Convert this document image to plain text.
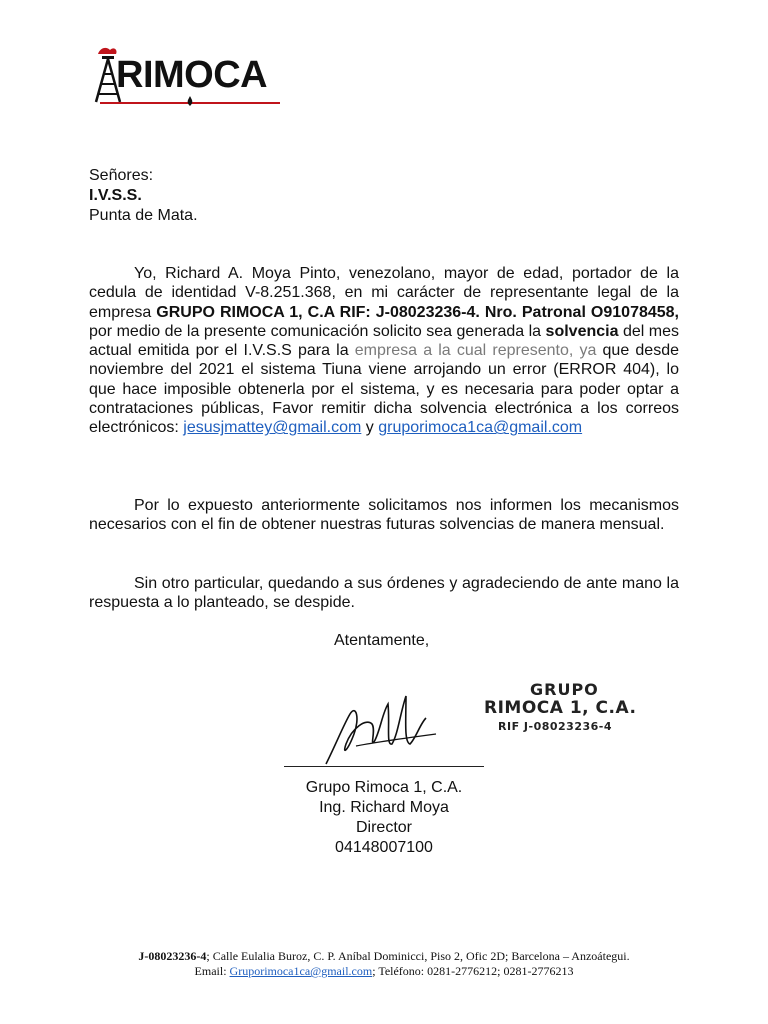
RIMOCA
Señores:
I.V.S.S.
Punta de Mata.

Yo, Richard A. Moya Pinto, venezolano, mayor de edad, portador de la cedula de identidad V-8.251.368, en mi carácter de representante legal de la empresa GRUPO RIMOCA 1, C.A RIF: J-08023236-4. Nro. Patronal O91078458, por medio de la presente comunicación solicito sea generada la solvencia del mes actual emitida por el I.V.S.S para la empresa a la cual represento, ya que desde noviembre del 2021 el sistema Tiuna viene arrojando un error (ERROR 404), lo que hace imposible obtenerla por el sistema, y es necesaria para poder optar a contrataciones públicas, Favor remitir dicha solvencia electrónica a los correos electrónicos: jesusjmattey@gmail.com y gruporimoca1ca@gmail.com

Por lo expuesto anteriormente solicitamos nos informen los mecanismos necesarios con el fin de obtener nuestras futuras solvencias de manera mensual.

Sin otro particular, quedando a sus órdenes y agradeciendo de ante mano la respuesta a lo planteado, se despide.

Atentamente,
Grupo Rimoca 1, C.A.
Ing. Richard Moya
Director
04148007100
GRUPO
RIMOCA 1, C.A.
RIF J-08023236-4
J-08023236-4; Calle Eulalia Buroz, C. P. Aníbal Dominicci, Piso 2, Ofic 2D; Barcelona – Anzoátegui.
Email: Gruporimoca1ca@gmail.com; Teléfono: 0281-2776212; 0281-2776213
